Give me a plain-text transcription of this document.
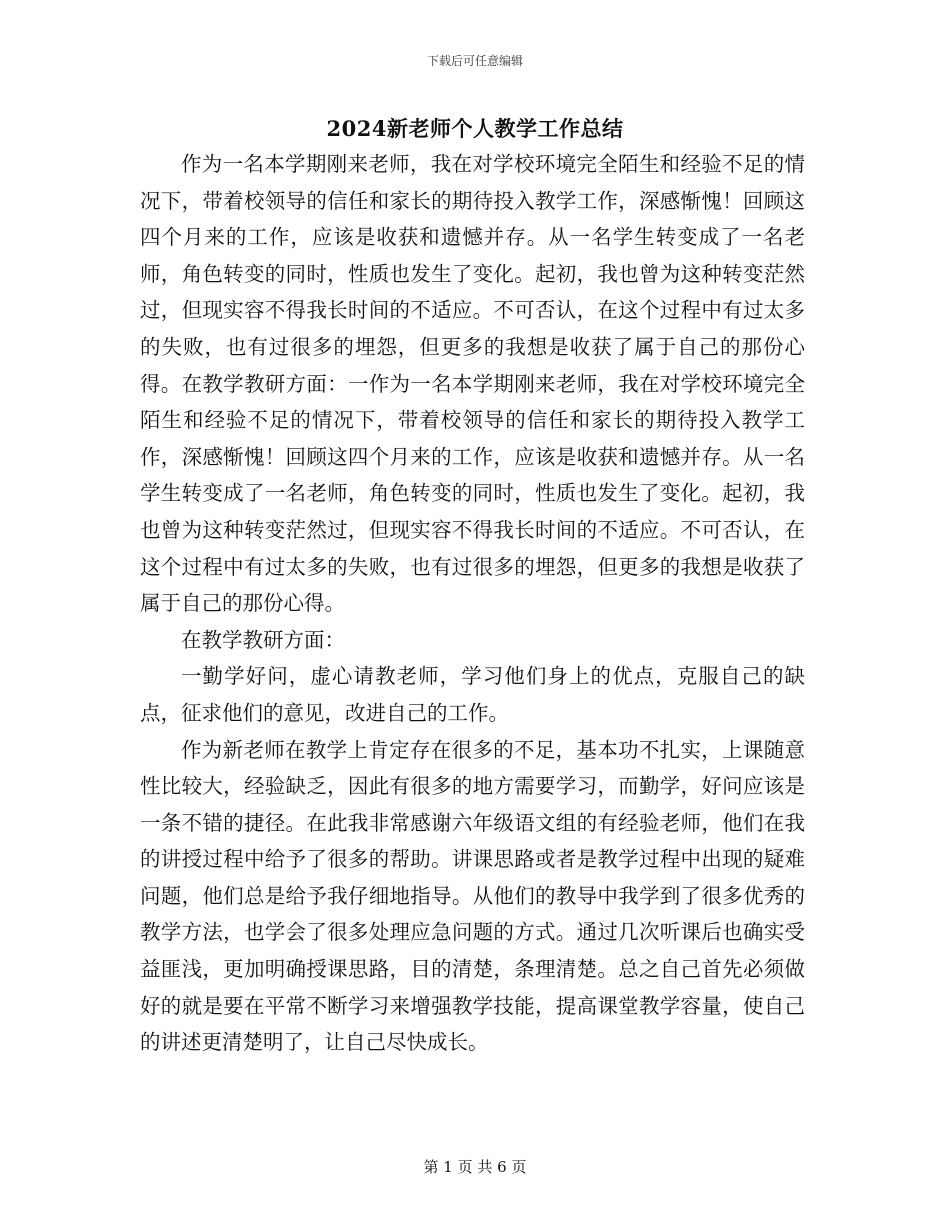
下载后可任意编辑
2024新老师个人教学工作总结

作为一名本学期刚来老师，我在对学校环境完全陌生和经验不足的情况下，带着校领导的信任和家长的期待投入教学工作，深感惭愧！回顾这四个月来的工作，应该是收获和遗憾并存。从一名学生转变成了一名老师，角色转变的同时，性质也发生了变化。起初，我也曾为这种转变茫然过，但现实容不得我长时间的不适应。不可否认，在这个过程中有过太多的失败，也有过很多的埋怨，但更多的我想是收获了属于自己的那份心得。在教学教研方面：一作为一名本学期刚来老师，我在对学校环境完全陌生和经验不足的情况下，带着校领导的信任和家长的期待投入教学工作，深感惭愧！回顾这四个月来的工作，应该是收获和遗憾并存。从一名学生转变成了一名老师，角色转变的同时，性质也发生了变化。起初，我也曾为这种转变茫然过，但现实容不得我长时间的不适应。不可否认，在这个过程中有过太多的失败，也有过很多的埋怨，但更多的我想是收获了属于自己的那份心得。

在教学教研方面：

一勤学好问，虚心请教老师，学习他们身上的优点，克服自己的缺点，征求他们的意见，改进自己的工作。

作为新老师在教学上肯定存在很多的不足，基本功不扎实，上课随意性比较大，经验缺乏，因此有很多的地方需要学习，而勤学，好问应该是一条不错的捷径。在此我非常感谢六年级语文组的有经验老师，他们在我的讲授过程中给予了很多的帮助。讲课思路或者是教学过程中出现的疑难问题，他们总是给予我仔细地指导。从他们的教导中我学到了很多优秀的教学方法，也学会了很多处理应急问题的方式。通过几次听课后也确实受益匪浅，更加明确授课思路，目的清楚，条理清楚。总之自己首先必须做好的就是要在平常不断学习来增强教学技能，提高课堂教学容量，使自己的讲述更清楚明了，让自己尽快成长。

第 1 页 共 6 页
